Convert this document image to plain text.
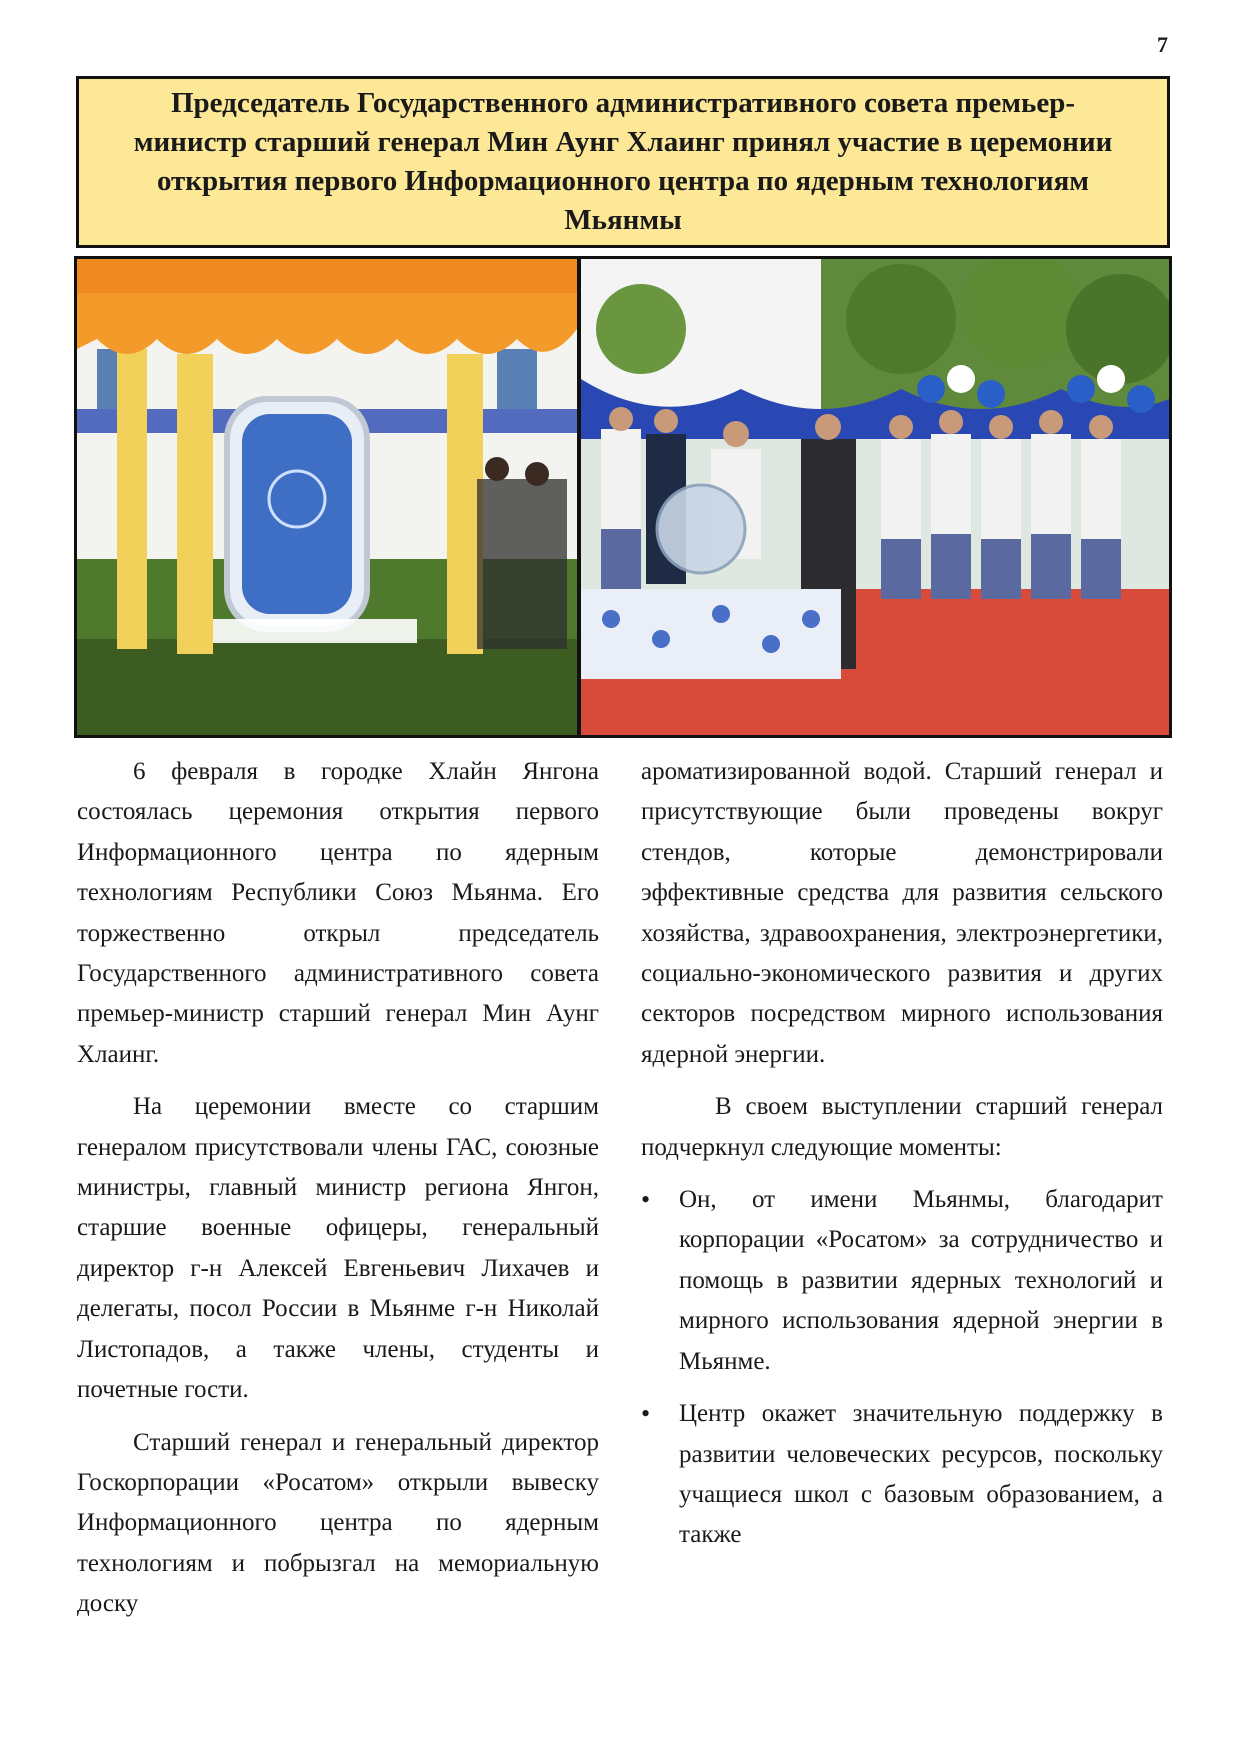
7
Председатель Государственного административного совета премьер-министр старший генерал Мин Аунг Хлаинг принял участие в церемонии открытия первого Информационного центра по ядерным технологиям Мьянмы

6 февраля в городке Хлайн Янгона состоялась церемония открытия первого Информационного центра по ядерным технологиям Республики Союз Мьянма. Его торжественно открыл председатель Государственного административного совета премьер-министр старший генерал Мин Аунг Хлаинг.

На церемонии вместе со старшим генералом присутствовали члены ГАС, союзные министры, главный министр региона Янгон, старшие военные офицеры, генеральный директор г-н Алексей Евгеньевич Лихачев и делегаты, посол России в Мьянме г-н Николай Листопадов, а также члены, студенты и почетные гости.

Старший генерал и генеральный директор Госкорпорации «Росатом» открыли вывеску Информационного центра по ядерным технологиям и побрызгал на мемориальную доску

ароматизированной водой. Старший генерал и присутствующие были проведены вокруг стендов, которые демонстрировали эффективные средства для развития сельского хозяйства, здравоохранения, электроэнергетики, социально-экономического развития и других секторов посредством мирного использования ядерной энергии.

В своем выступлении старший генерал подчеркнул следующие моменты:

• Он, от имени Мьянмы, благодарит корпорации «Росатом» за сотрудничество и помощь в развитии ядерных технологий и мирного использования ядерной энергии в Мьянме.
• Центр окажет значительную поддержку в развитии человеческих ресурсов, поскольку учащиеся школ с базовым образованием, а также
